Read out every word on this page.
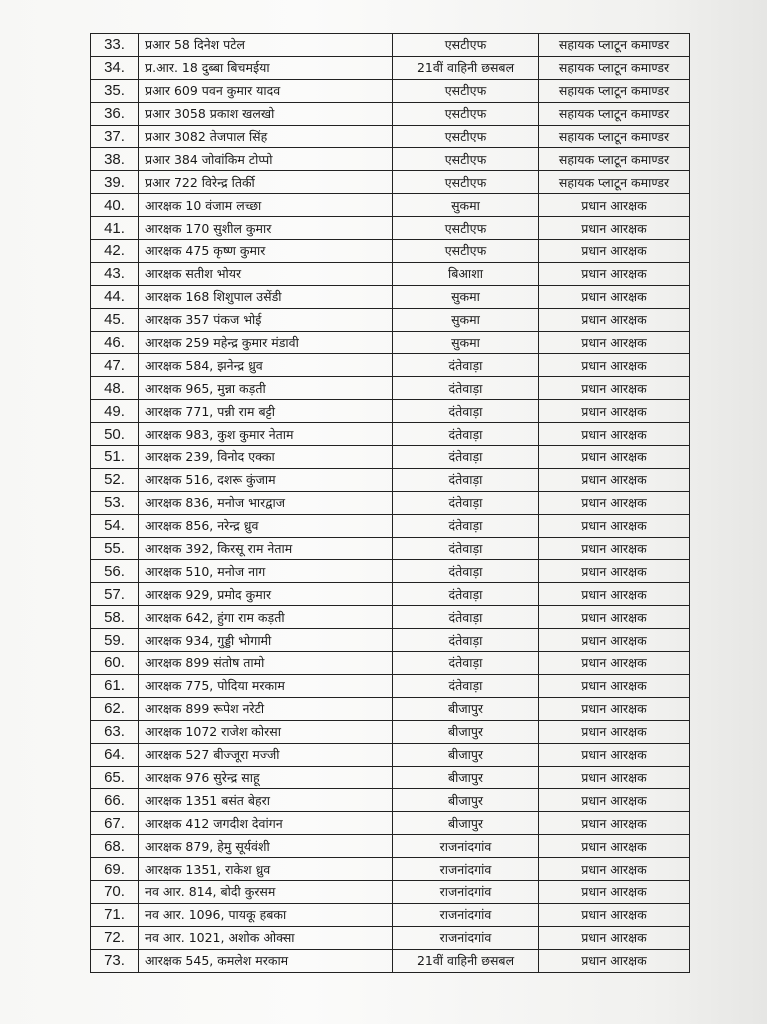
33.	प्रआर 58 दिनेश पटेल	एसटीएफ	सहायक प्लाटून कमाण्डर
34.	प्र.आर. 18 दुब्बा बिचमईया	21वीं वाहिनी छसबल	सहायक प्लाटून कमाण्डर
35.	प्रआर 609 पवन कुमार यादव	एसटीएफ	सहायक प्लाटून कमाण्डर
36.	प्रआर 3058 प्रकाश खलखो	एसटीएफ	सहायक प्लाटून कमाण्डर
37.	प्रआर 3082 तेजपाल सिंह	एसटीएफ	सहायक प्लाटून कमाण्डर
38.	प्रआर 384 जोवांकिम टोप्पो	एसटीएफ	सहायक प्लाटून कमाण्डर
39.	प्रआर 722 विरेन्द्र तिर्की	एसटीएफ	सहायक प्लाटून कमाण्डर
40.	आरक्षक 10 वंजाम लच्छा	सुकमा	प्रधान आरक्षक
41.	आरक्षक 170 सुशील कुमार	एसटीएफ	प्रधान आरक्षक
42.	आरक्षक 475 कृष्ण कुमार	एसटीएफ	प्रधान आरक्षक
43.	आरक्षक सतीश भोयर	बिआशा	प्रधान आरक्षक
44.	आरक्षक 168 शिशुपाल उसेंडी	सुकमा	प्रधान आरक्षक
45.	आरक्षक 357 पंकज भोई	सुकमा	प्रधान आरक्षक
46.	आरक्षक 259 महेन्द्र कुमार मंडावी	सुकमा	प्रधान आरक्षक
47.	आरक्षक 584, झनेन्द्र ध्रुव	दंतेवाड़ा	प्रधान आरक्षक
48.	आरक्षक 965, मुन्ना कड़ती	दंतेवाड़ा	प्रधान आरक्षक
49.	आरक्षक 771, पन्नी राम बट्टी	दंतेवाड़ा	प्रधान आरक्षक
50.	आरक्षक 983, कुश कुमार नेताम	दंतेवाड़ा	प्रधान आरक्षक
51.	आरक्षक 239, विनोद एक्का	दंतेवाड़ा	प्रधान आरक्षक
52.	आरक्षक 516, दशरू कुंजाम	दंतेवाड़ा	प्रधान आरक्षक
53.	आरक्षक 836, मनोज भारद्वाज	दंतेवाड़ा	प्रधान आरक्षक
54.	आरक्षक 856, नरेन्द्र ध्रुव	दंतेवाड़ा	प्रधान आरक्षक
55.	आरक्षक 392, किरसू राम नेताम	दंतेवाड़ा	प्रधान आरक्षक
56.	आरक्षक 510, मनोज नाग	दंतेवाड़ा	प्रधान आरक्षक
57.	आरक्षक 929, प्रमोद कुमार	दंतेवाड़ा	प्रधान आरक्षक
58.	आरक्षक 642, हुंगा राम कड़ती	दंतेवाड़ा	प्रधान आरक्षक
59.	आरक्षक 934, गुड्डी भोगामी	दंतेवाड़ा	प्रधान आरक्षक
60.	आरक्षक 899 संतोष तामो	दंतेवाड़ा	प्रधान आरक्षक
61.	आरक्षक 775, पोदिया मरकाम	दंतेवाड़ा	प्रधान आरक्षक
62.	आरक्षक 899 रूपेश नरेटी	बीजापुर	प्रधान आरक्षक
63.	आरक्षक 1072 राजेश कोरसा	बीजापुर	प्रधान आरक्षक
64.	आरक्षक 527 बीज्जूरा मज्जी	बीजापुर	प्रधान आरक्षक
65.	आरक्षक 976 सुरेन्द्र साहू	बीजापुर	प्रधान आरक्षक
66.	आरक्षक 1351 बसंत बेहरा	बीजापुर	प्रधान आरक्षक
67.	आरक्षक 412 जगदीश देवांगन	बीजापुर	प्रधान आरक्षक
68.	आरक्षक 879, हेमु सूर्यवंशी	राजनांदगांव	प्रधान आरक्षक
69.	आरक्षक 1351, राकेश ध्रुव	राजनांदगांव	प्रधान आरक्षक
70.	नव आर. 814, बोदी कुरसम	राजनांदगांव	प्रधान आरक्षक
71.	नव आर. 1096, पायकू हबका	राजनांदगांव	प्रधान आरक्षक
72.	नव आर. 1021, अशोक ओक्सा	राजनांदगांव	प्रधान आरक्षक
73.	आरक्षक 545, कमलेश मरकाम	21वीं वाहिनी छसबल	प्रधान आरक्षक
